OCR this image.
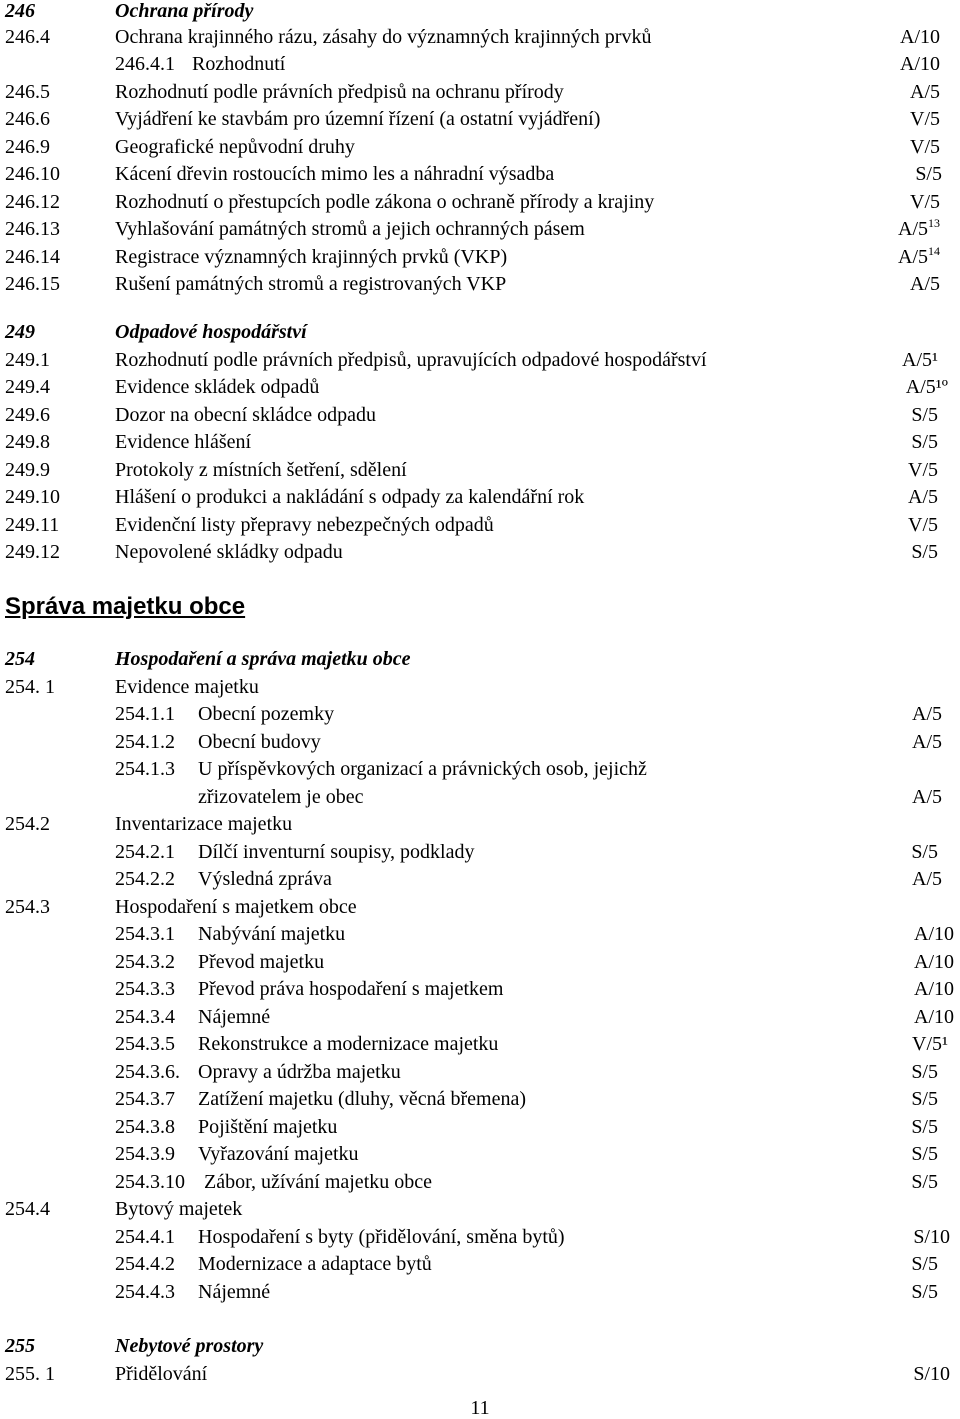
246	Ochrana přírody
246.4	Ochrana krajinného rázu, zásahy do významných krajinných prvků	A/10
246.4.1 Rozhodnutí	A/10
246.5	Rozhodnutí podle právních předpisů na ochranu přírody	A/5
246.6	Vyjádření ke stavbám pro územní řízení (a ostatní vyjádření)	V/5
246.9	Geografické nepůvodní druhy	V/5
246.10	Kácení dřevin rostoucích mimo les a náhradní výsadba	S/5
246.12	Rozhodnutí o přestupcích podle zákona o ochraně přírody a krajiny	V/5
246.13	Vyhlašování památných stromů a jejich ochranných pásem	$A/5^{13}$
246.14	Registrace významných krajinných prvků (VKP)	$A/5^{14}$
246.15	Rušení památných stromů a registrovaných VKP	A/5
249	Odpadové hospodářství
249.1	Rozhodnutí podle právních předpisů, upravujících odpadové hospodářství	A/5¹
249.4	Evidence skládek odpadů	A/5¹º
249.6	Dozor na obecní skládce odpadu	S/5
249.8	Evidence hlášení	S/5
249.9	Protokoly z místních šetření, sdělení	V/5
249.10	Hlášení o produkci a nakládání s odpady za kalendářní rok	A/5
249.11	Evidenční listy přepravy nebezpečných odpadů	V/5
249.12	Nepovolené skládky odpadu	S/5
Správa majetku obce
254	Hospodaření a správa majetku obce
254. 1	Evidence majetku
254.1.1 Obecní pozemky	A/5
254.1.2 Obecní budovy	A/5
254.1.3 U příspěvkových organizací a právnických osob, jejichž
zřizovatelem je obec	A/5
254.2	Inventarizace majetku
254.2.1 Dílčí inventurní soupisy, podklady	S/5
254.2.2 Výsledná zpráva	A/5
254.3	Hospodaření s majetkem obce
254.3.1 Nabývání majetku	A/10
254.3.2 Převod majetku	A/10
254.3.3 Převod práva hospodaření s majetkem	A/10
254.3.4 Nájemné	A/10
254.3.5 Rekonstrukce a modernizace majetku	V/5¹
254.3.6. Opravy a údržba majetku	S/5
254.3.7 Zatížení majetku (dluhy, věcná břemena)	S/5
254.3.8 Pojištění majetku	S/5
254.3.9 Vyřazování majetku	S/5
254.3.10 Zábor, užívání majetku obce	S/5
254.4	Bytový majetek
254.4.1 Hospodaření s byty (přidělování, směna bytů)	S/10
254.4.2 Modernizace a adaptace bytů	S/5
254.4.3 Nájemné	S/5
255	Nebytové prostory
255. 1	Přidělování	S/10
11
